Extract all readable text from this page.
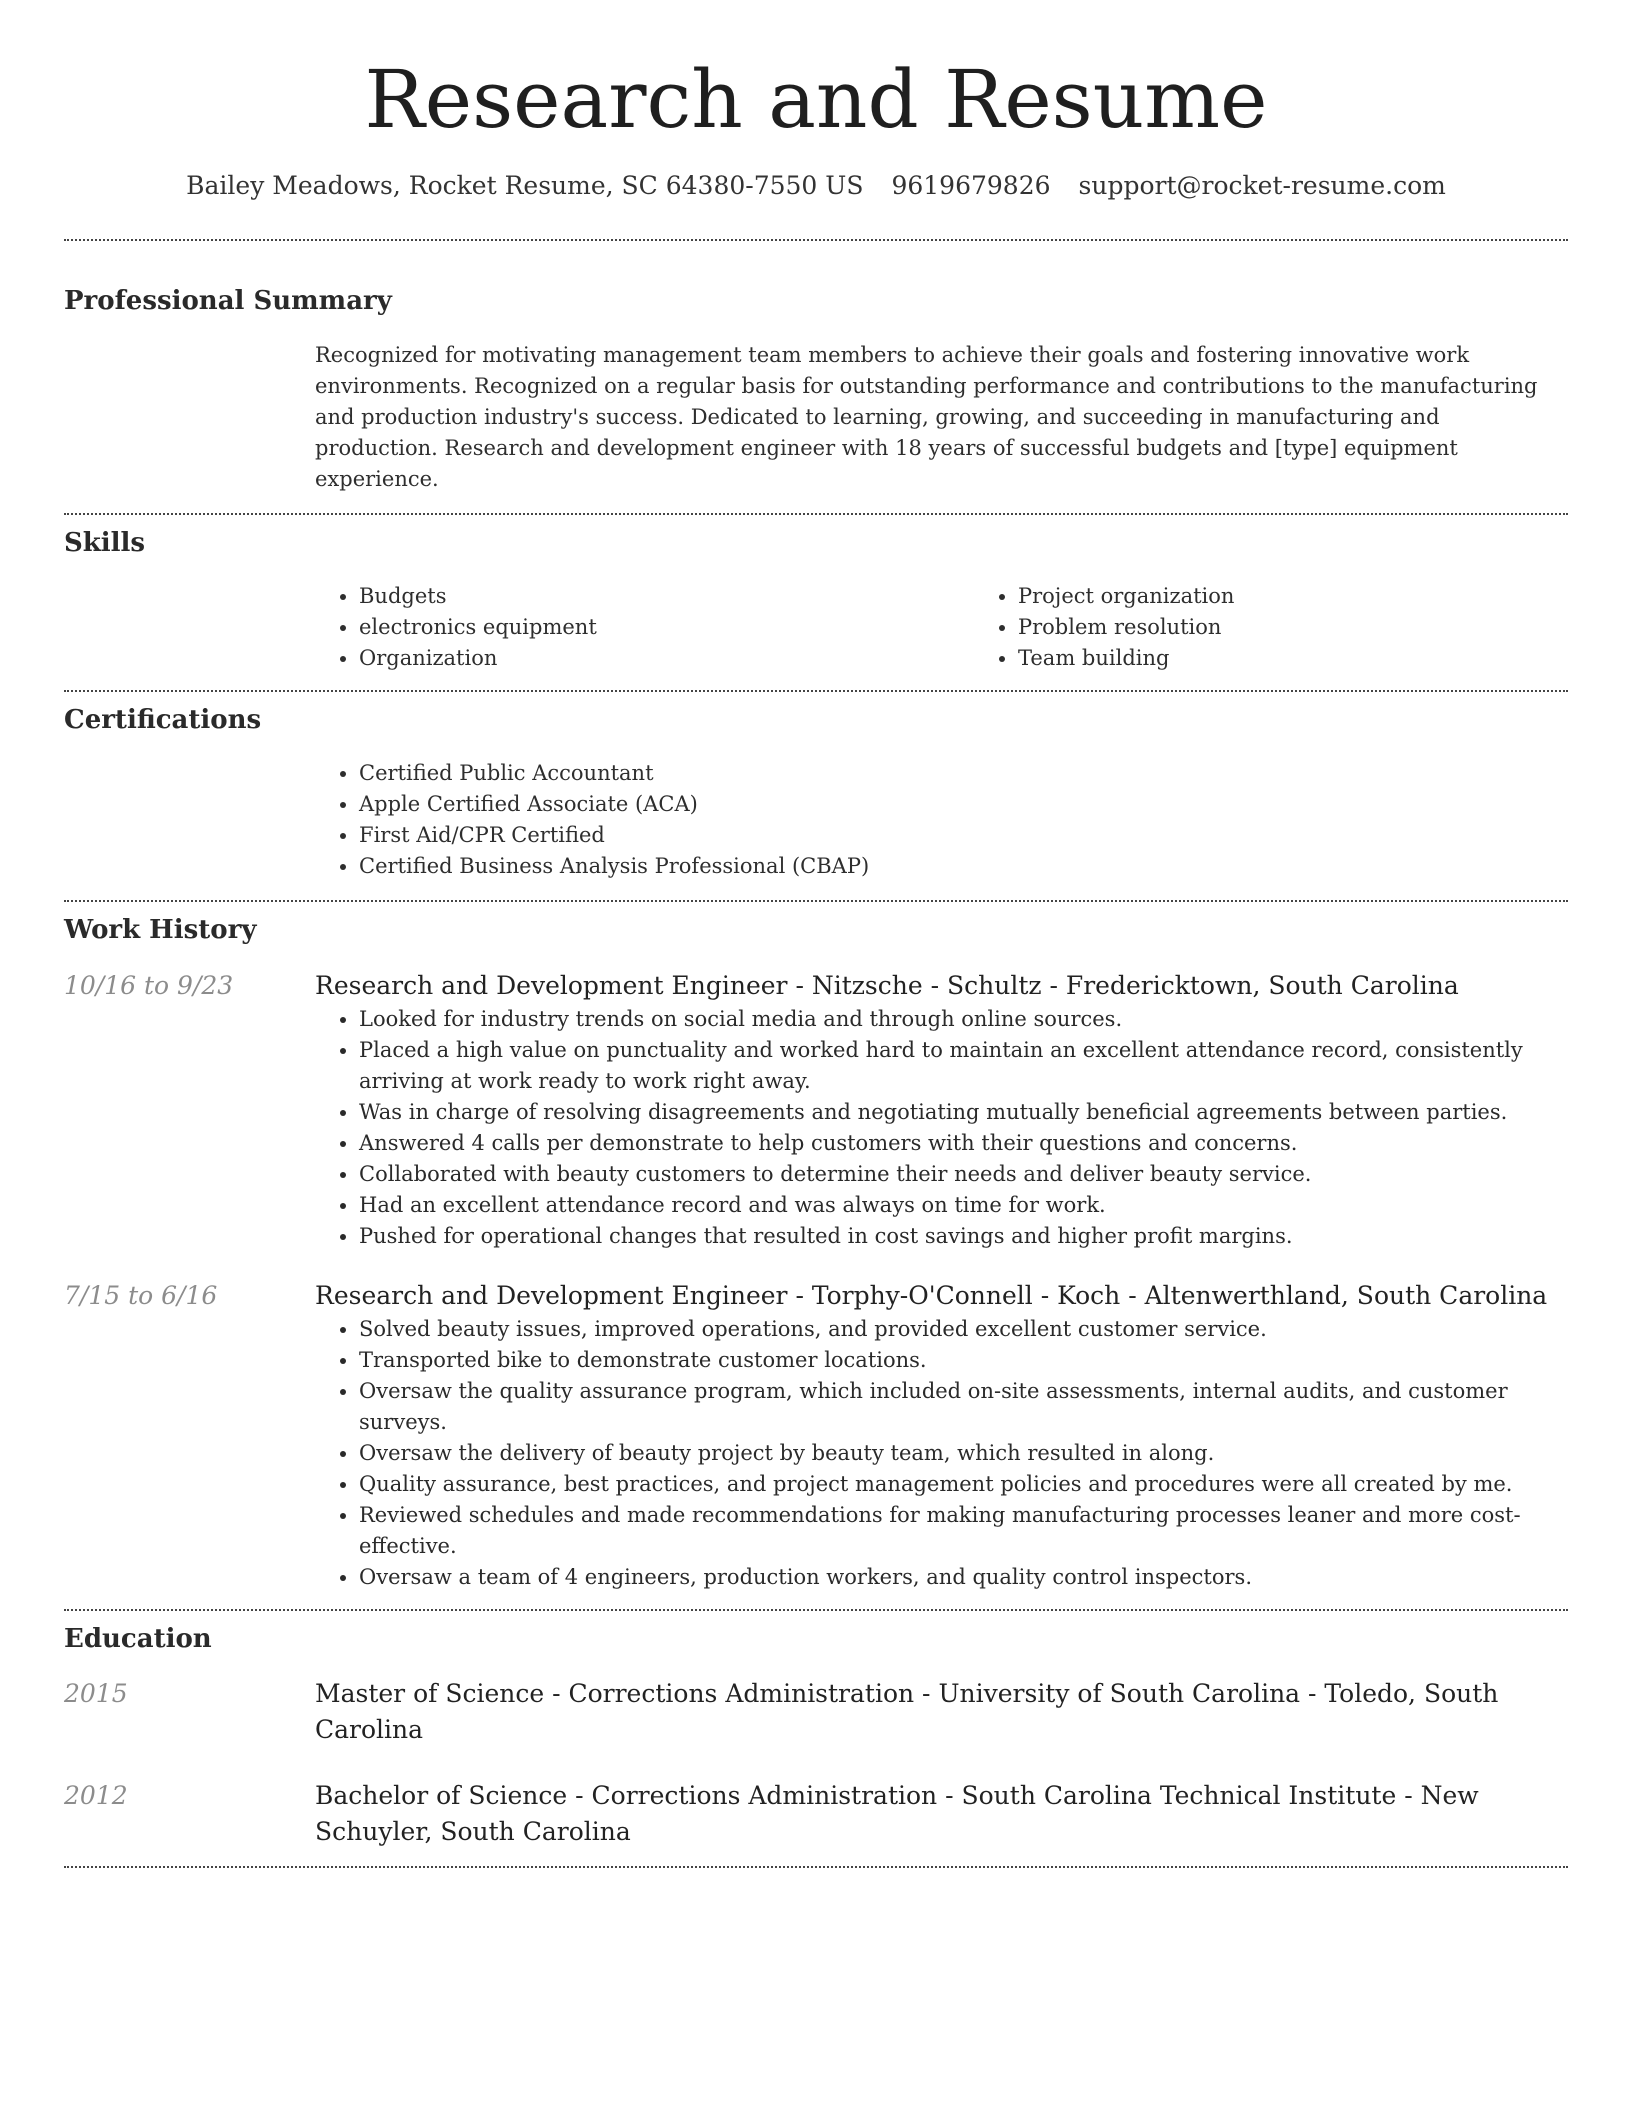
Research and Resume
Bailey Meadows, Rocket Resume, SC 64380-7550 US 9619679826 support@rocket-resume.com
Professional Summary

Recognized for motivating management team members to achieve their goals and fostering innovative work environments. Recognized on a regular basis for outstanding performance and contributions to the manufacturing and production industry's success. Dedicated to learning, growing, and succeeding in manufacturing and production. Research and development engineer with 18 years of successful budgets and [type] equipment experience.

Skills
• Budgets
• electronics equipment
• Organization
• Project organization
• Problem resolution
• Team building
Certifications
• Certified Public Accountant
• Apple Certified Associate (ACA)
• First Aid/CPR Certified
• Certified Business Analysis Professional (CBAP)
Work History
10/16 to 9/23	Research and Development Engineer - Nitzsche - Schultz - Fredericktown, South Carolina

• Looked for industry trends on social media and through online sources.
• Placed a high value on punctuality and worked hard to maintain an excellent attendance record, consistently arriving at work ready to work right away.
• Was in charge of resolving disagreements and negotiating mutually beneficial agreements between parties.
• Answered 4 calls per demonstrate to help customers with their questions and concerns.
• Collaborated with beauty customers to determine their needs and deliver beauty service.
• Had an excellent attendance record and was always on time for work.
• Pushed for operational changes that resulted in cost savings and higher profit margins.
7/15 to 6/16	Research and Development Engineer - Torphy-O'Connell - Koch - Altenwerthland, South Carolina

• Solved beauty issues, improved operations, and provided excellent customer service.
• Transported bike to demonstrate customer locations.
• Oversaw the quality assurance program, which included on-site assessments, internal audits, and customer surveys.
• Oversaw the delivery of beauty project by beauty team, which resulted in along.
• Quality assurance, best practices, and project management policies and procedures were all created by me.
• Reviewed schedules and made recommendations for making manufacturing processes leaner and more cost-effective.
• Oversaw a team of 4 engineers, production workers, and quality control inspectors.
Education
2015	Master of Science - Corrections Administration - University of South Carolina - Toledo, South Carolina

2012	Bachelor of Science - Corrections Administration - South Carolina Technical Institute - New Schuyler, South Carolina
